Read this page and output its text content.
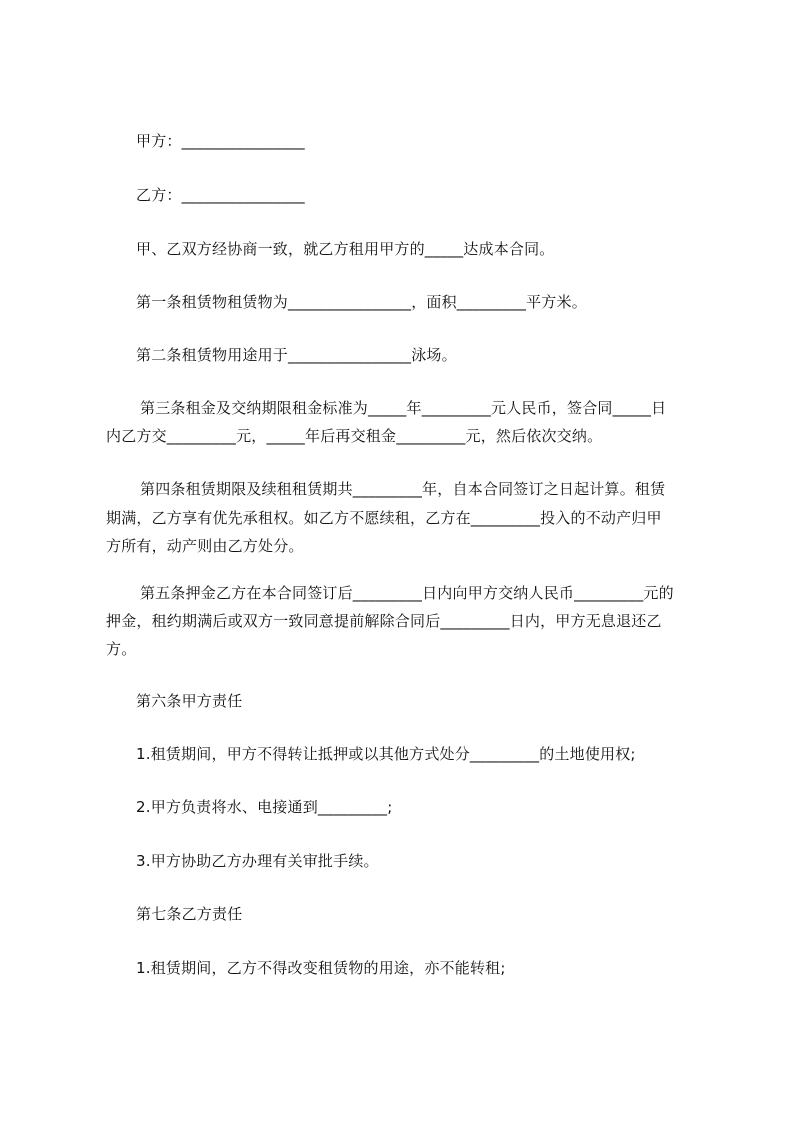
甲方：________________
乙方：________________
甲、乙双方经协商一致，就乙方租用甲方的_____达成本合同。
第一条租赁物租赁物为________________，面积_________平方米。
第二条租赁物用途用于________________泳场。
第三条租金及交纳期限租金标准为_____年_________元人民币，签合同_____日
内乙方交_________元，_____年后再交租金_________元，然后依次交纳。
第四条租赁期限及续租租赁期共_________年，自本合同签订之日起计算。租赁
期满，乙方享有优先承租权。如乙方不愿续租，乙方在_________投入的不动产归甲
方所有，动产则由乙方处分。
第五条押金乙方在本合同签订后_________日内向甲方交纳人民币_________元的
押金，租约期满后或双方一致同意提前解除合同后_________日内，甲方无息退还乙
方。
第六条甲方责任
1.租赁期间，甲方不得转让抵押或以其他方式处分_________的土地使用权;
2.甲方负责将水、电接通到_________;
3.甲方协助乙方办理有关审批手续。
第七条乙方责任
1.租赁期间，乙方不得改变租赁物的用途，亦不能转租;
